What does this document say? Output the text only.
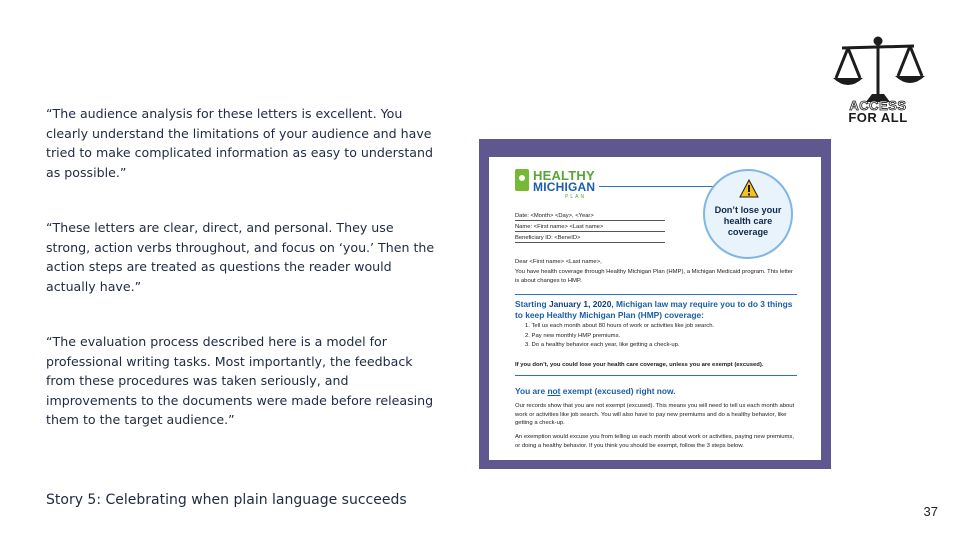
ACCESS
FOR ALL

“The audience analysis for these letters is excellent. You clearly understand the limitations of your audience and have tried to make complicated information as easy to understand as possible.”

“These letters are clear, direct, and personal. They use strong, action verbs throughout, and focus on ‘you.’ Then the action steps are treated as questions the reader would actually have.”

“The evaluation process described here is a model for professional writing tasks. Most importantly, the feedback from these procedures was taken seriously, and improvements to the documents were made before releasing them to the target audience.”

Story 5: Celebrating when plain language succeeds
37
HEALTHY
MICHIGAN
PLAN
Don’t lose your health care coverage
Date: <Month> <Day>, <Year>
Name: <First name> <Last name>
Beneficiary ID: <BeneID>
Dear <First name> <Last name>,
You have health coverage through Healthy Michigan Plan (HMP), a Michigan Medicaid program. This letter is about changes to HMP.
Starting January 1, 2020, Michigan law may require you to do 3 things to keep Healthy Michigan Plan (HMP) coverage:
1. Tell us each month about 80 hours of work or activities like job search.
2. Pay new monthly HMP premiums.
3. Do a healthy behavior each year, like getting a check-up.
If you don’t, you could lose your health care coverage, unless you are exempt (excused).
You are not exempt (excused) right now.
Our records show that you are not exempt (excused). This means you will need to tell us each month about work or activities like job search. You will also have to pay new premiums and do a healthy behavior, like getting a check-up.
An exemption would excuse you from telling us each month about work or activities, paying new premiums, or doing a healthy behavior. If you think you should be exempt, follow the 3 steps below.
